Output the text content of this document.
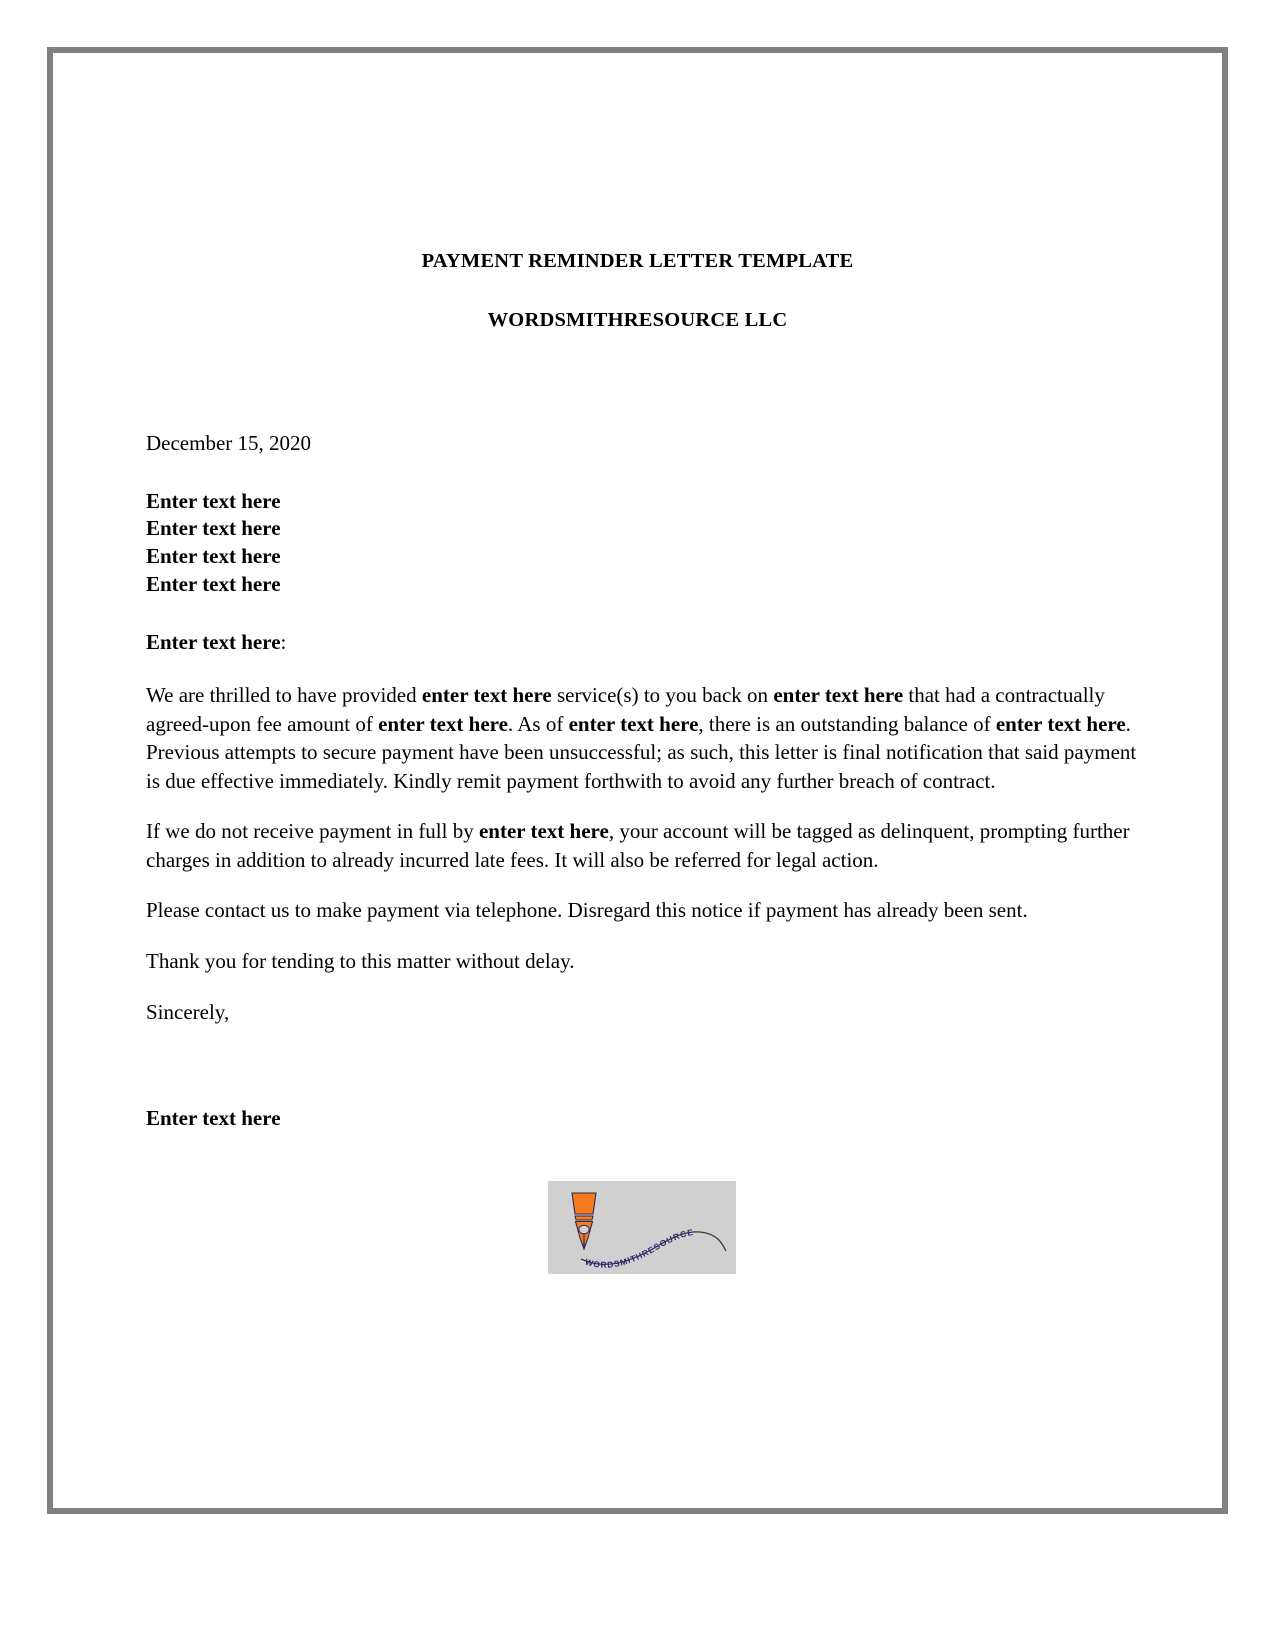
PAYMENT REMINDER LETTER TEMPLATE
WORDSMITHRESOURCE LLC
December 15, 2020
Enter text here
Enter text here
Enter text here
Enter text here
Enter text here:

We are thrilled to have provided enter text here service(s) to you back on enter text here that had a contractually agreed-upon fee amount of enter text here. As of enter text here, there is an outstanding balance of enter text here. Previous attempts to secure payment have been unsuccessful; as such, this letter is final notification that said payment is due effective immediately. Kindly remit payment forthwith to avoid any further breach of contract.

If we do not receive payment in full by enter text here, your account will be tagged as delinquent, prompting further charges in addition to already incurred late fees. It will also be referred for legal action.

Please contact us to make payment via telephone. Disregard this notice if payment has already been sent.

Thank you for tending to this matter without delay.

Sincerely,

Enter text here
WORDSMITHRESOURCE
